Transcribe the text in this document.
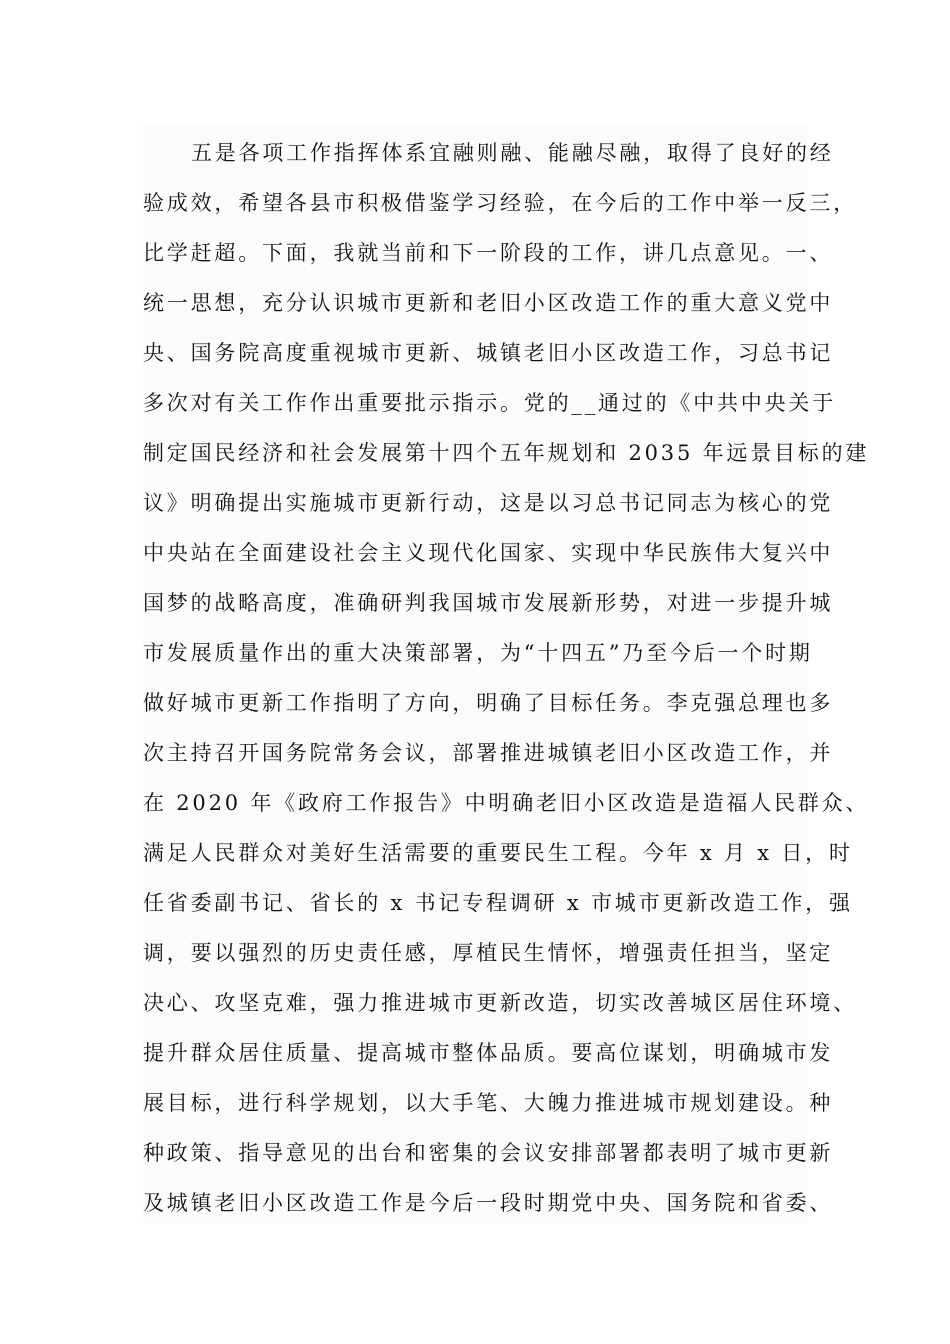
五是各项工作指挥体系宜融则融、能融尽融，取得了良好的经
验成效，希望各县市积极借鉴学习经验，在今后的工作中举一反三，
比学赶超。下面，我就当前和下一阶段的工作，讲几点意见。一、
统一思想，充分认识城市更新和老旧小区改造工作的重大意义党中
央、国务院高度重视城市更新、城镇老旧小区改造工作，习总书记
多次对有关工作作出重要批示指示。党的__通过的《中共中央关于
制定国民经济和社会发展第十四个五年规划和 2035 年远景目标的建
议》明确提出实施城市更新行动，这是以习总书记同志为核心的党
中央站在全面建设社会主义现代化国家、实现中华民族伟大复兴中
国梦的战略高度，准确研判我国城市发展新形势，对进一步提升城
市发展质量作出的重大决策部署，为“十四五”乃至今后一个时期
做好城市更新工作指明了方向，明确了目标任务。李克强总理也多
次主持召开国务院常务会议，部署推进城镇老旧小区改造工作，并
在 2020 年《政府工作报告》中明确老旧小区改造是造福人民群众、
满足人民群众对美好生活需要的重要民生工程。今年 x 月 x 日，时
任省委副书记、省长的 x 书记专程调研 x 市城市更新改造工作，强
调，要以强烈的历史责任感，厚植民生情怀，增强责任担当，坚定
决心、攻坚克难，强力推进城市更新改造，切实改善城区居住环境、
提升群众居住质量、提高城市整体品质。要高位谋划，明确城市发
展目标，进行科学规划，以大手笔、大魄力推进城市规划建设。种
种政策、指导意见的出台和密集的会议安排部署都表明了城市更新
及城镇老旧小区改造工作是今后一段时期党中央、国务院和省委、
